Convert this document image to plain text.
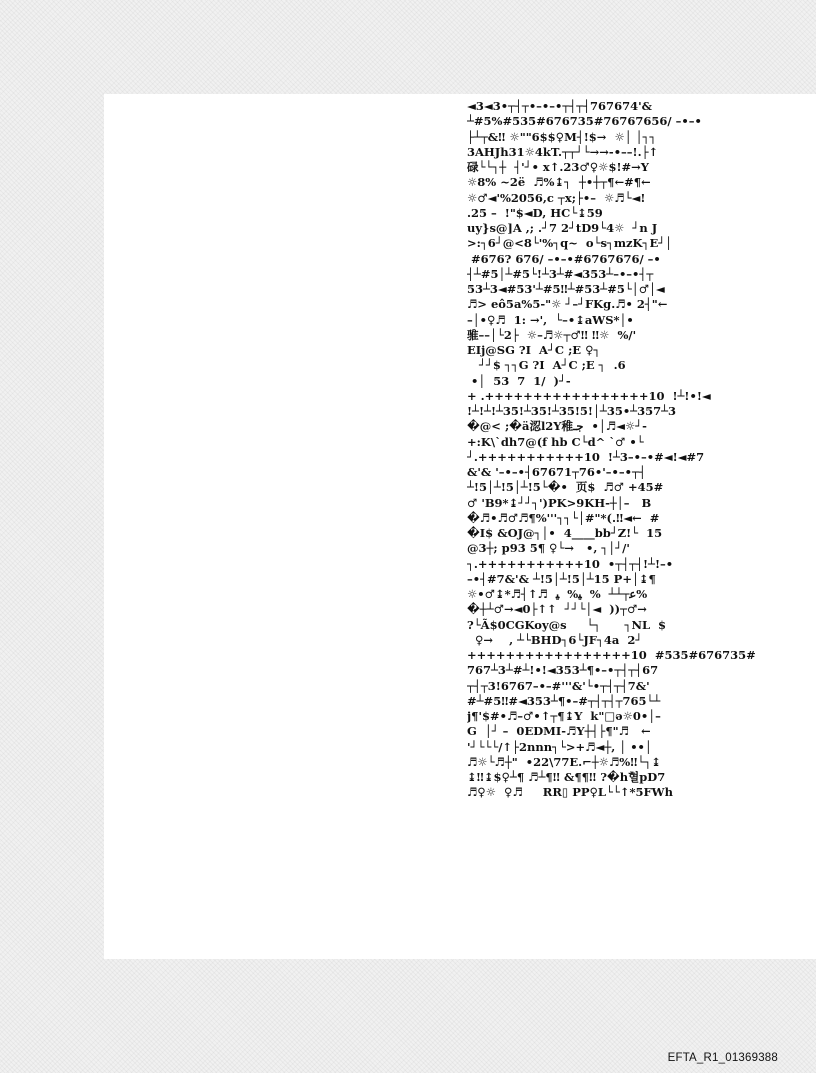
◄3◄3•┬┤┬•–•–•┬┤┬┤767674'&
┴#5%#535#676735#76767656/ –•–•
├┴┬&‼ ☼""6$$♀M┤!$→  ☼│ │┐┐
3AHJh31☼4kT.┬┬┘└→→-•––!.├↑
碌└└┐┼  ┤'┘• x↑.23♂♀☼$!#→Y
☼8% ~2ё  ♬%↨┐  ┼•┼┬¶←#¶←
☼♂◄'%2056,c ┬x;├•–  ☼♬└◄!
.25 –  !"$◄D, HC└↨59
uy}s@]A ,; .┘7 2┘tD9└4☼  ┘n J
>:┐6┘@<8└'%┐q~  o└s┐mzK┐E┘│
#676? 676/ –•–•#6767676/ –•
┤┴#5│┴#5└!┴3┴#◄353┴–•–•┤┬
53┴3◄#53'┴#5‼┴#53┴#5└│♂│◄
♬> eô5a%5-"☼ ┘–┘FKg.♬• 2┤"←
–│•♀♬  1: →',  └–•↨aWS*│•
骓––│└2├  ☼–♬☼┬♂‼ ‼☼  %/'
EIj@SG ?I  A┘C ;E ♀┐
┘┘$ ┐┐G ?I  A┘C ;E ┐  .6
•│  53  7  1/  )┘-
+ .+++++++++++++++++10  !┴!•!◄
!┴!┴!┴35!┴35!┴35!5!│┴35•┴357┴3
�@< ;�ä涊l2Y稚جـ  •│♬◄☼┘-
+:K\`dh7@(f hb C└d^ `♂ •└
┘.+++++++++++10  !┴3–•–•#◄!◄#7
&'& '–•–•┤67671┬76•'–•–•┬┤
┴!5│┴!5│┴!5└�•  页$  ♬♂ +45#
♂ 'B9*↨┘┘┐')PK>9KH-┼│–   B
�♬•♬♂♬¶%'''┐┐└│#"*(.‼◄←  #
�I$ &OJ@┐│•  4____bb┘Z!└  15
@3┼; p93 5¶ ♀└→   •, ┐│┘/'
┐.+++++++++++10  •┬┤┬┤!┴!–•
–•┤#7&'& ┴!5│┴!5│┴15 P+│↨¶
☼•♂↨*♬┤↑♬  ﻋ┬┴┴  %  ﯿ%  ﯿ%
�┼┴♂→◄0├↑↑  ┘┘└│◄  ))┬♂→
?└Ã$0CGKoy@s     └┐      ┐NL  $
♀→    , ┴└BHD┐6└JF┐4a  2┘
+++++++++++++++++10  #535#676735#
767┴3┴#┴!•!◄353┴¶•–•┬┤┬┤67
┬┤┬3!6767–•–#'''&'└•┬┤┬┤7&'
#┴#5‼#◄353┴¶•–#┬┤┬┤┬765└┴
j¶'$#•♬–♂•↑┬¶↨Y  k"□ə☼0•│–
G  │┘ –  0EDMI-♬Y┼┤├¶"♬   ←
'┘└└└/↑├2nnn┐└>+♬◄┼, │ ••│
♬☼└♬┼"  •22\77E.⌐┼☼♬%‼└┐↨
↨‼↨$♀┴¶ ♬┴¶‼ &¶¶‼ ?�h혈pD7
♬♀☼  ♀♬     RR▯ PP♀L└└↑*5FWh
EFTA_R1_01369388
